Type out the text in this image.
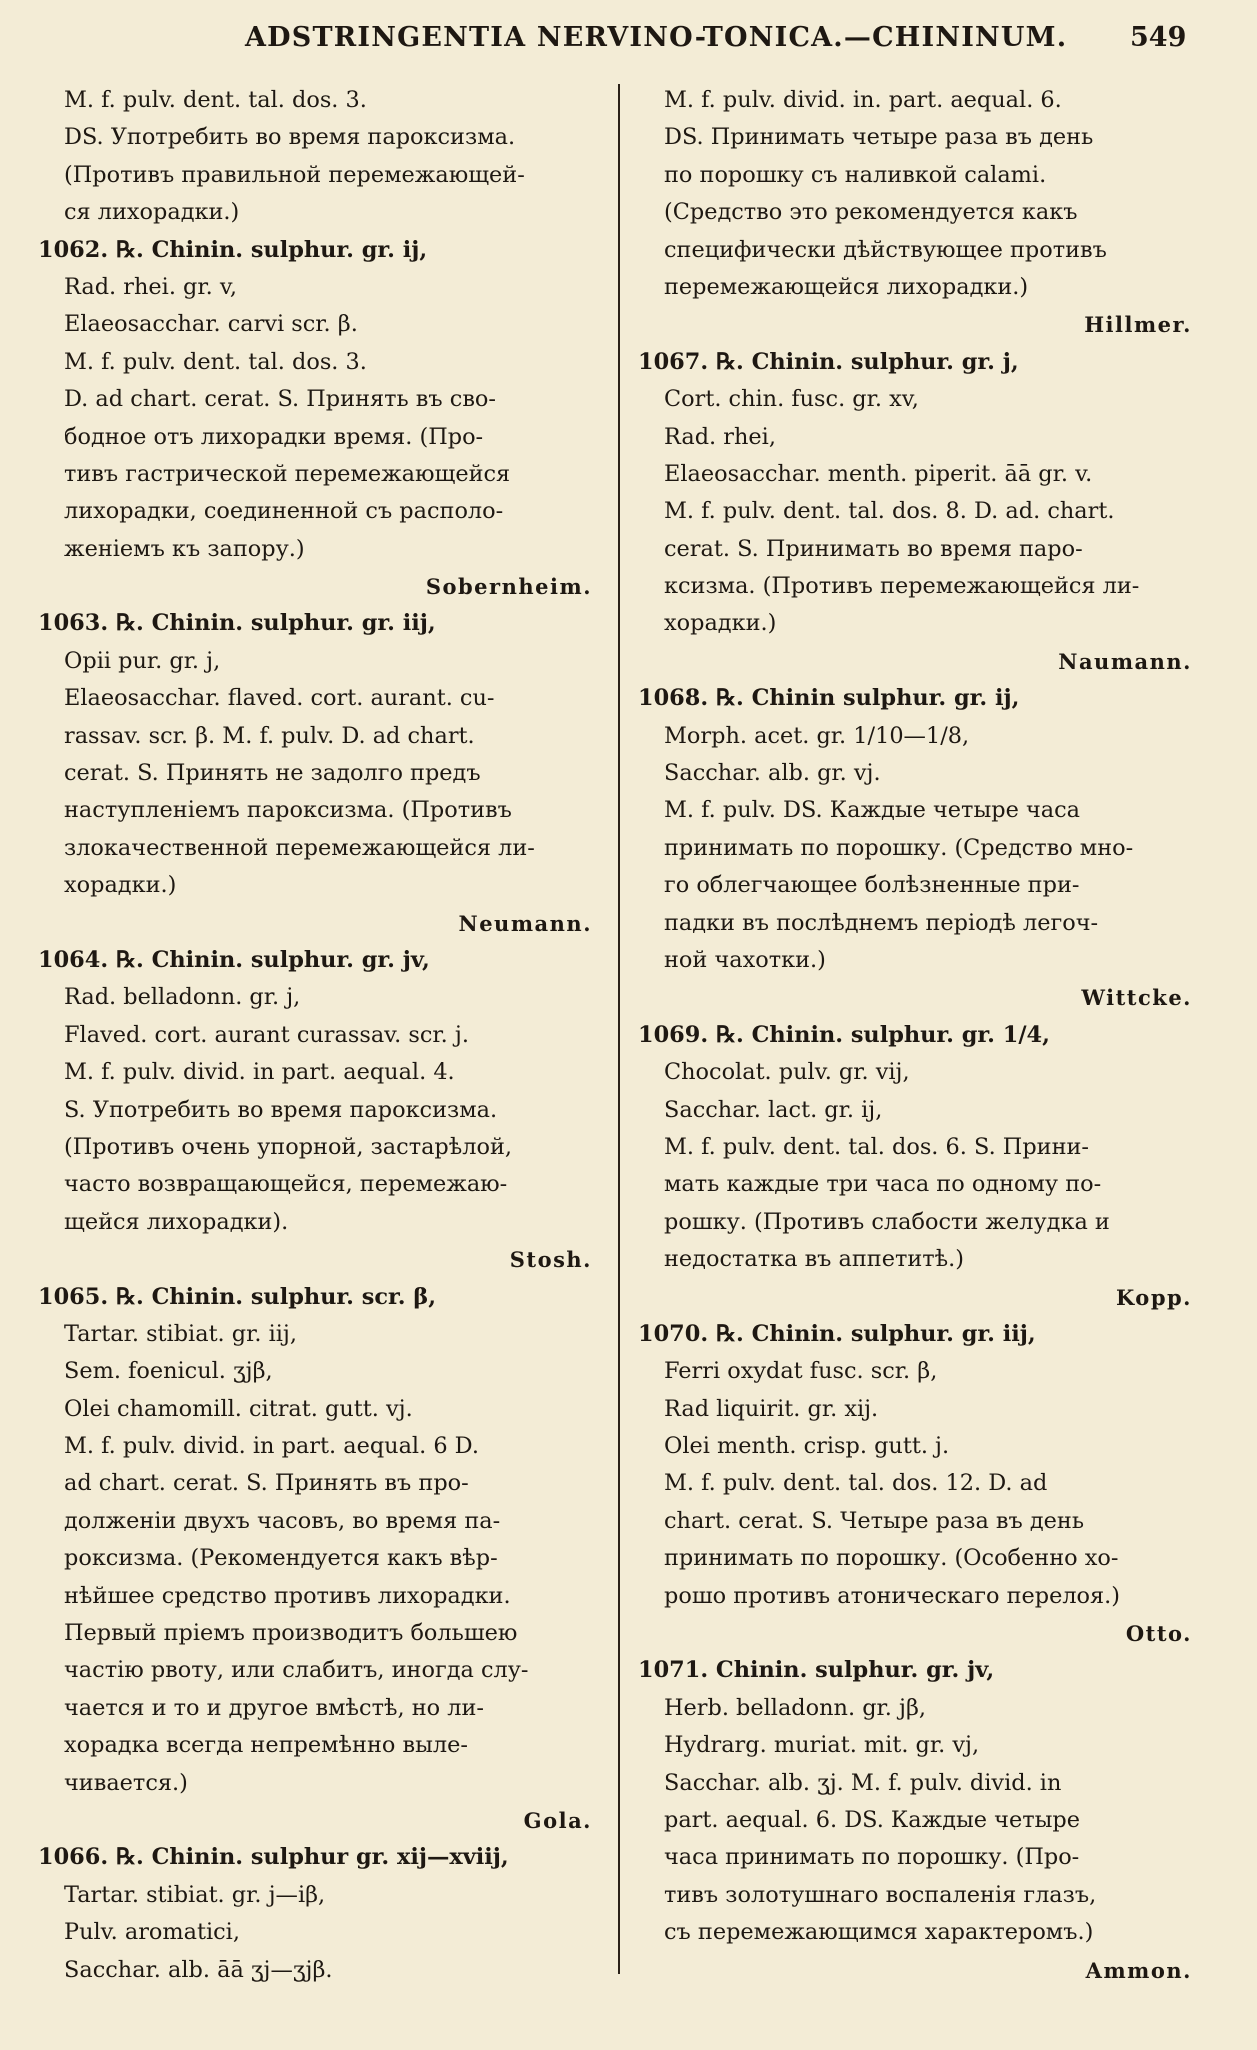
ADSTRINGENTIA NERVINO-TONICA.—CHININUM. 549
M. f. pulv. dent. tal. dos. 3.
DS. Употребить во время пароксизма.
(Противъ правильной перемежающей-
ся лихорадки.)
1062. ℞. Chinin. sulphur. gr. ij,
Rad. rhei. gr. v,
Elaeosacchar. carvi scr. β.
M. f. pulv. dent. tal. dos. 3.
D. ad chart. cerat. S. Принять въ сво-
бодное отъ лихорадки время. (Про-
тивъ гастрической перемежающейся
лихорадки, соединенной съ располо-
женіемъ къ запору.)
Sobernheim.
1063. ℞. Chinin. sulphur. gr. iij,
Opii pur. gr. j,
Elaeosacchar. flaved. cort. aurant. cu-
rassav. scr. β. M. f. pulv. D. ad chart.
cerat. S. Принять не задолго предъ
наступленіемъ пароксизма. (Противъ
злокачественной перемежающейся ли-
хорадки.)
Neumann.
1064. ℞. Chinin. sulphur. gr. jv,
Rad. belladonn. gr. j,
Flaved. cort. aurant curassav. scr. j.
M. f. pulv. divid. in part. aequal. 4.
S. Употребить во время пароксизма.
(Противъ очень упорной, застарѣлой,
часто возвращающейся, перемежаю-
щейся лихорадки).
Stosh.
1065. ℞. Chinin. sulphur. scr. β,
Tartar. stibiat. gr. iij,
Sem. foenicul. ʒjβ,
Olei chamomill. citrat. gutt. vj.
M. f. pulv. divid. in part. aequal. 6 D.
ad chart. cerat. S. Принять въ про-
долженіи двухъ часовъ, во время па-
роксизма. (Рекомендуется какъ вѣр-
нѣйшее средство противъ лихорадки.
Первый пріемъ производитъ большею
частію рвоту, или слабитъ, иногда слу-
чается и то и другое вмѣстѣ, но ли-
хорадка всегда непремѣнно выле-
чивается.)
Gola.
1066. ℞. Chinin. sulphur gr. xij—xviij,
Tartar. stibiat. gr. j—iβ,
Pulv. aromatici,
Sacchar. alb. āā ʒj—ʒjβ.
M. f. pulv. divid. in. part. aequal. 6.
DS. Принимать четыре раза въ день
по порошку съ наливкой calami.
(Средство это рекомендуется какъ
специфически дѣйствующее противъ
перемежающейся лихорадки.)
Hillmer.
1067. ℞. Chinin. sulphur. gr. j,
Cort. chin. fusc. gr. xv,
Rad. rhei,
Elaeosacchar. menth. piperit. āā gr. v.
M. f. pulv. dent. tal. dos. 8. D. ad. chart.
cerat. S. Принимать во время паро-
ксизма. (Противъ перемежающейся ли-
хорадки.)
Naumann.
1068. ℞. Chinin sulphur. gr. ij,
Morph. acet. gr. 1/10—1/8,
Sacchar. alb. gr. vj.
M. f. pulv. DS. Каждые четыре часа
принимать по порошку. (Средство мно-
го облегчающее болѣзненные при-
падки въ послѣднемъ періодѣ легоч-
ной чахотки.)
Wittcke.
1069. ℞. Chinin. sulphur. gr. 1/4,
Chocolat. pulv. gr. vij,
Sacchar. lact. gr. ij,
M. f. pulv. dent. tal. dos. 6. S. Прини-
мать каждые три часа по одному по-
рошку. (Противъ слабости желудка и
недостатка въ аппетитѣ.)
Kopp.
1070. ℞. Chinin. sulphur. gr. iij,
Ferri oxydat fusc. scr. β,
Rad liquirit. gr. xij.
Olei menth. crisp. gutt. j.
M. f. pulv. dent. tal. dos. 12. D. ad
chart. cerat. S. Четыре раза въ день
принимать по порошку. (Особенно хо-
рошо противъ атоническаго перелоя.)
Otto.
1071. Chinin. sulphur. gr. jv,
Herb. belladonn. gr. jβ,
Hydrarg. muriat. mit. gr. vj,
Sacchar. alb. ʒj. M. f. pulv. divid. in
part. aequal. 6. DS. Каждые четыре
часа принимать по порошку. (Про-
тивъ золотушнаго воспаленія глазъ,
съ перемежающимся характеромъ.)
Ammon.
